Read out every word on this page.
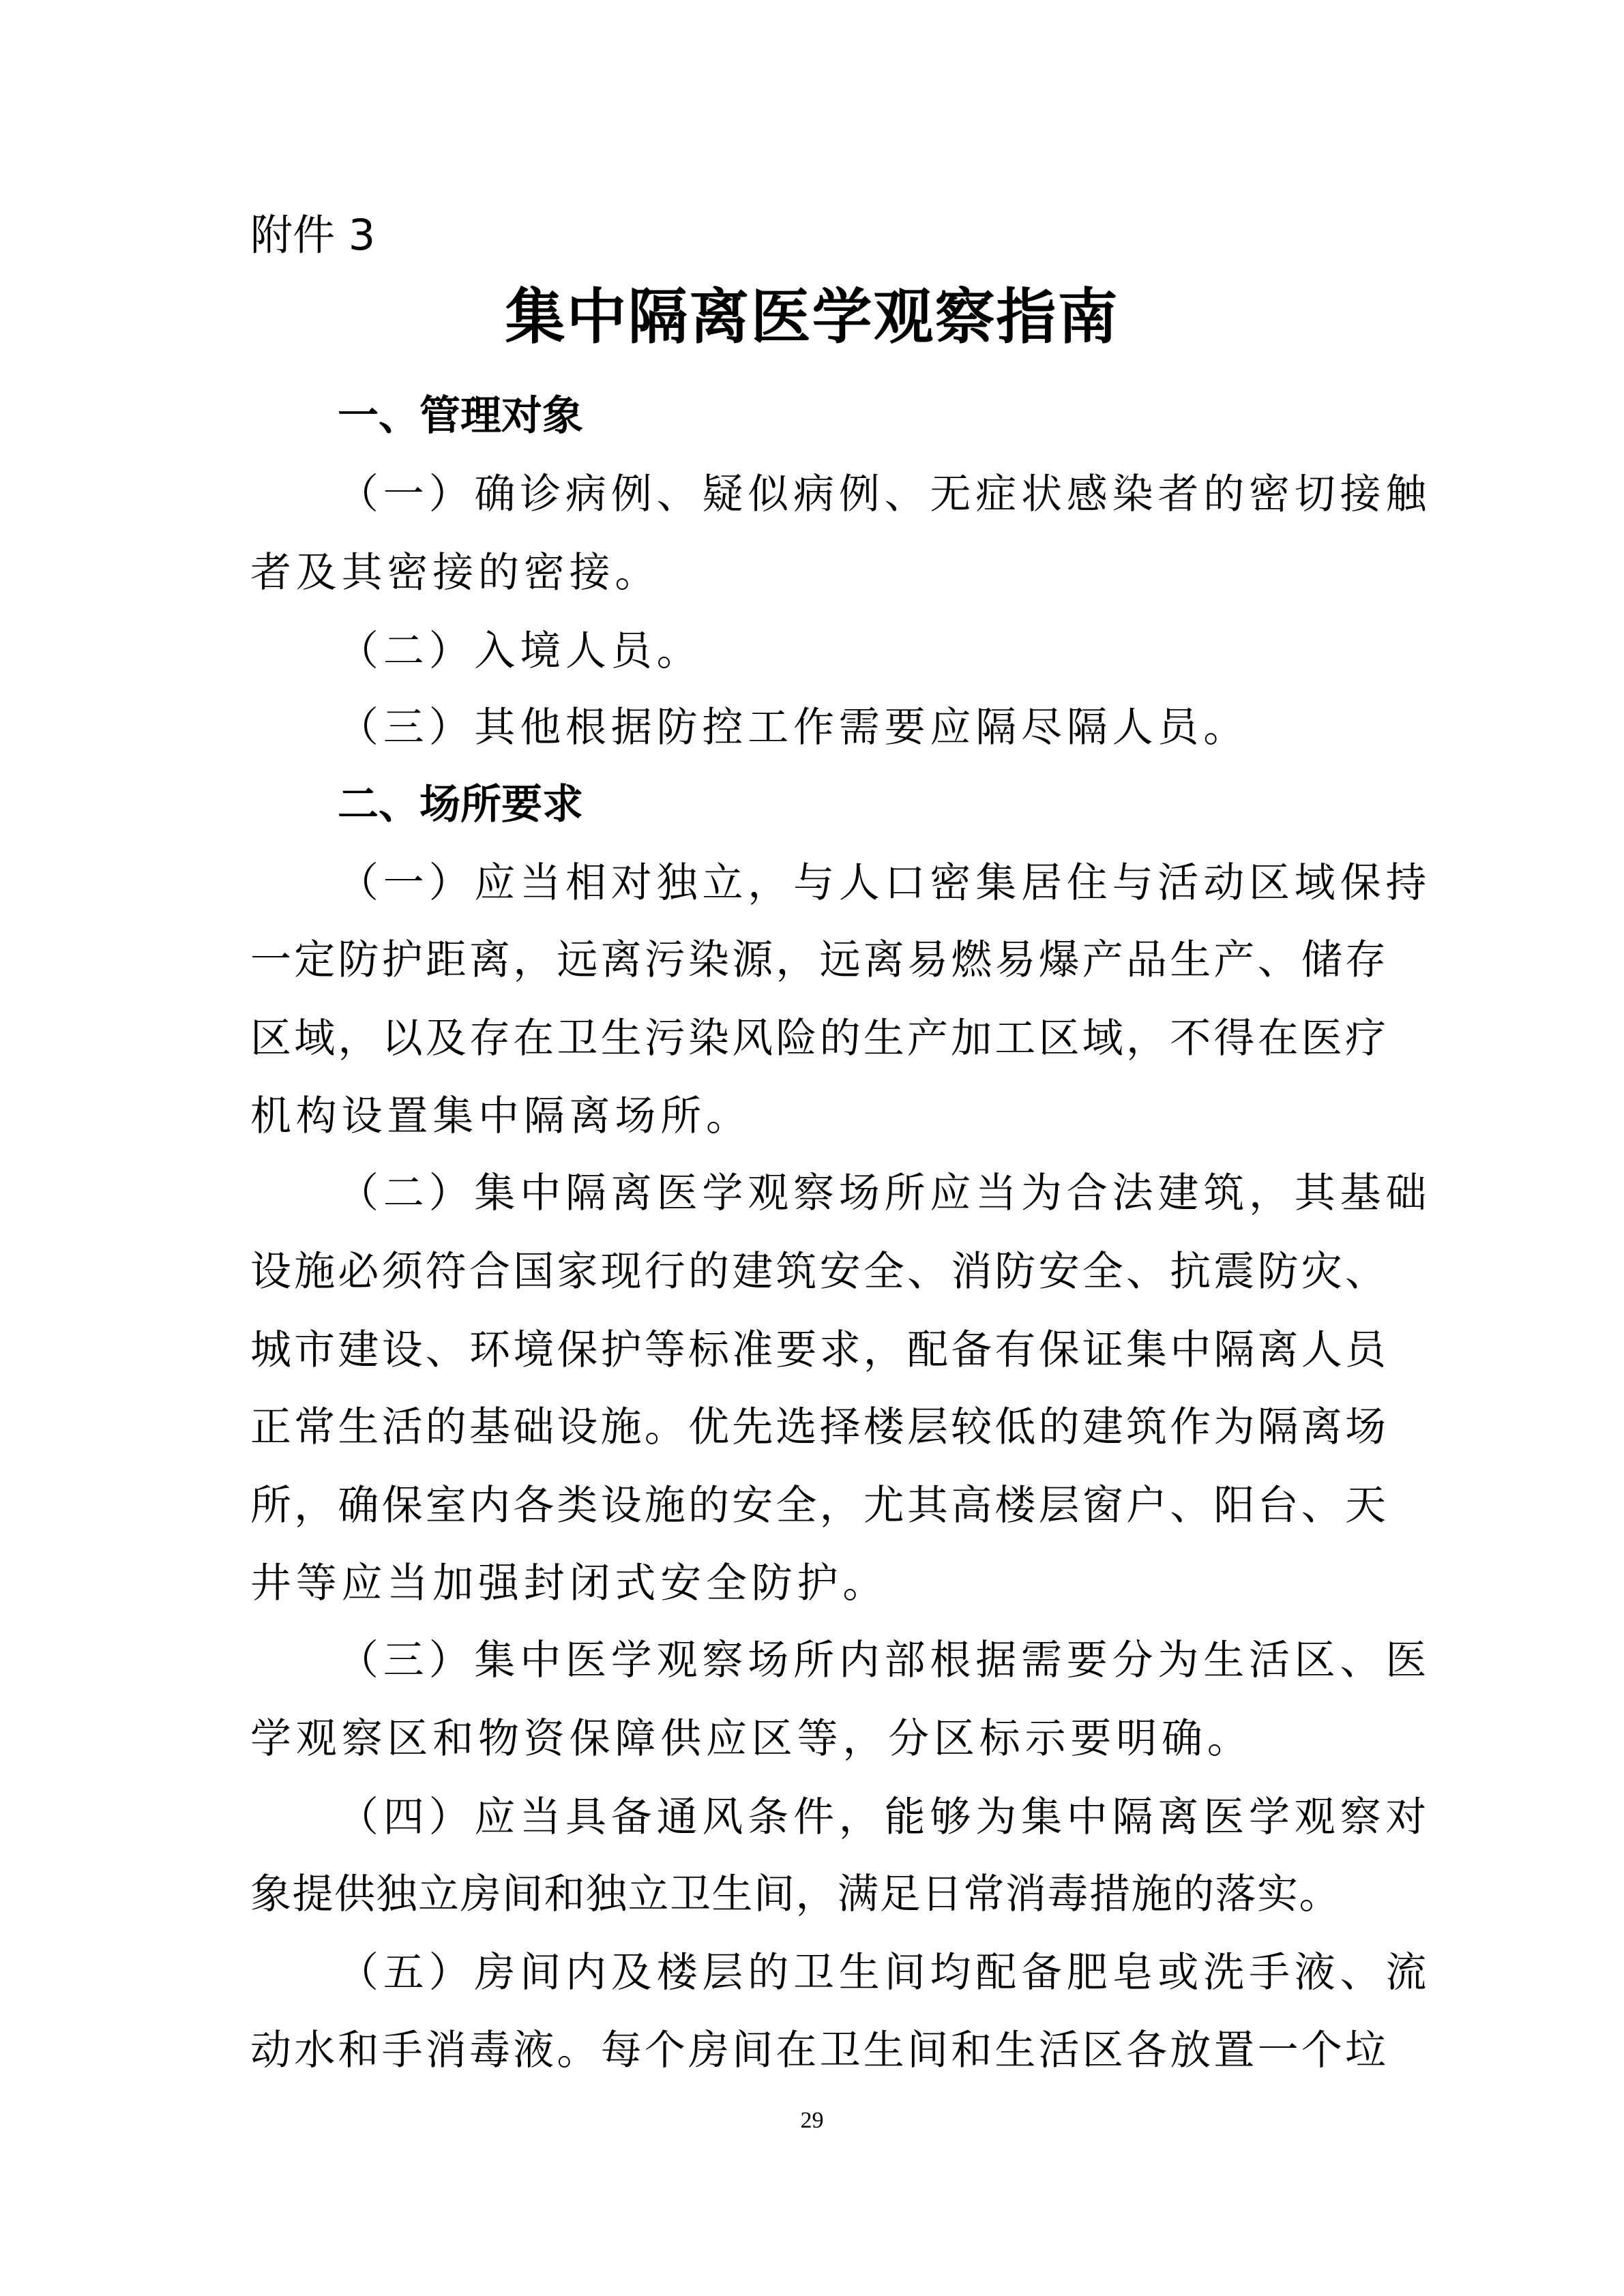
附件 3
集中隔离医学观察指南
一、管理对象
（一）确诊病例、疑似病例、无症状感染者的密切接触
者及其密接的密接。
（二）入境人员。
（三）其他根据防控工作需要应隔尽隔人员。
二、场所要求
（一）应当相对独立，与人口密集居住与活动区域保持
一定防护距离，远离污染源，远离易燃易爆产品生产、储存
区域，以及存在卫生污染风险的生产加工区域，不得在医疗
机构设置集中隔离场所。
（二）集中隔离医学观察场所应当为合法建筑，其基础
设施必须符合国家现行的建筑安全、消防安全、抗震防灾、
城市建设、环境保护等标准要求，配备有保证集中隔离人员
正常生活的基础设施。优先选择楼层较低的建筑作为隔离场
所，确保室内各类设施的安全，尤其高楼层窗户、阳台、天
井等应当加强封闭式安全防护。
（三）集中医学观察场所内部根据需要分为生活区、医
学观察区和物资保障供应区等，分区标示要明确。
（四）应当具备通风条件，能够为集中隔离医学观察对
象提供独立房间和独立卫生间，满足日常消毒措施的落实。
（五）房间内及楼层的卫生间均配备肥皂或洗手液、流
动水和手消毒液。每个房间在卫生间和生活区各放置一个垃
29
